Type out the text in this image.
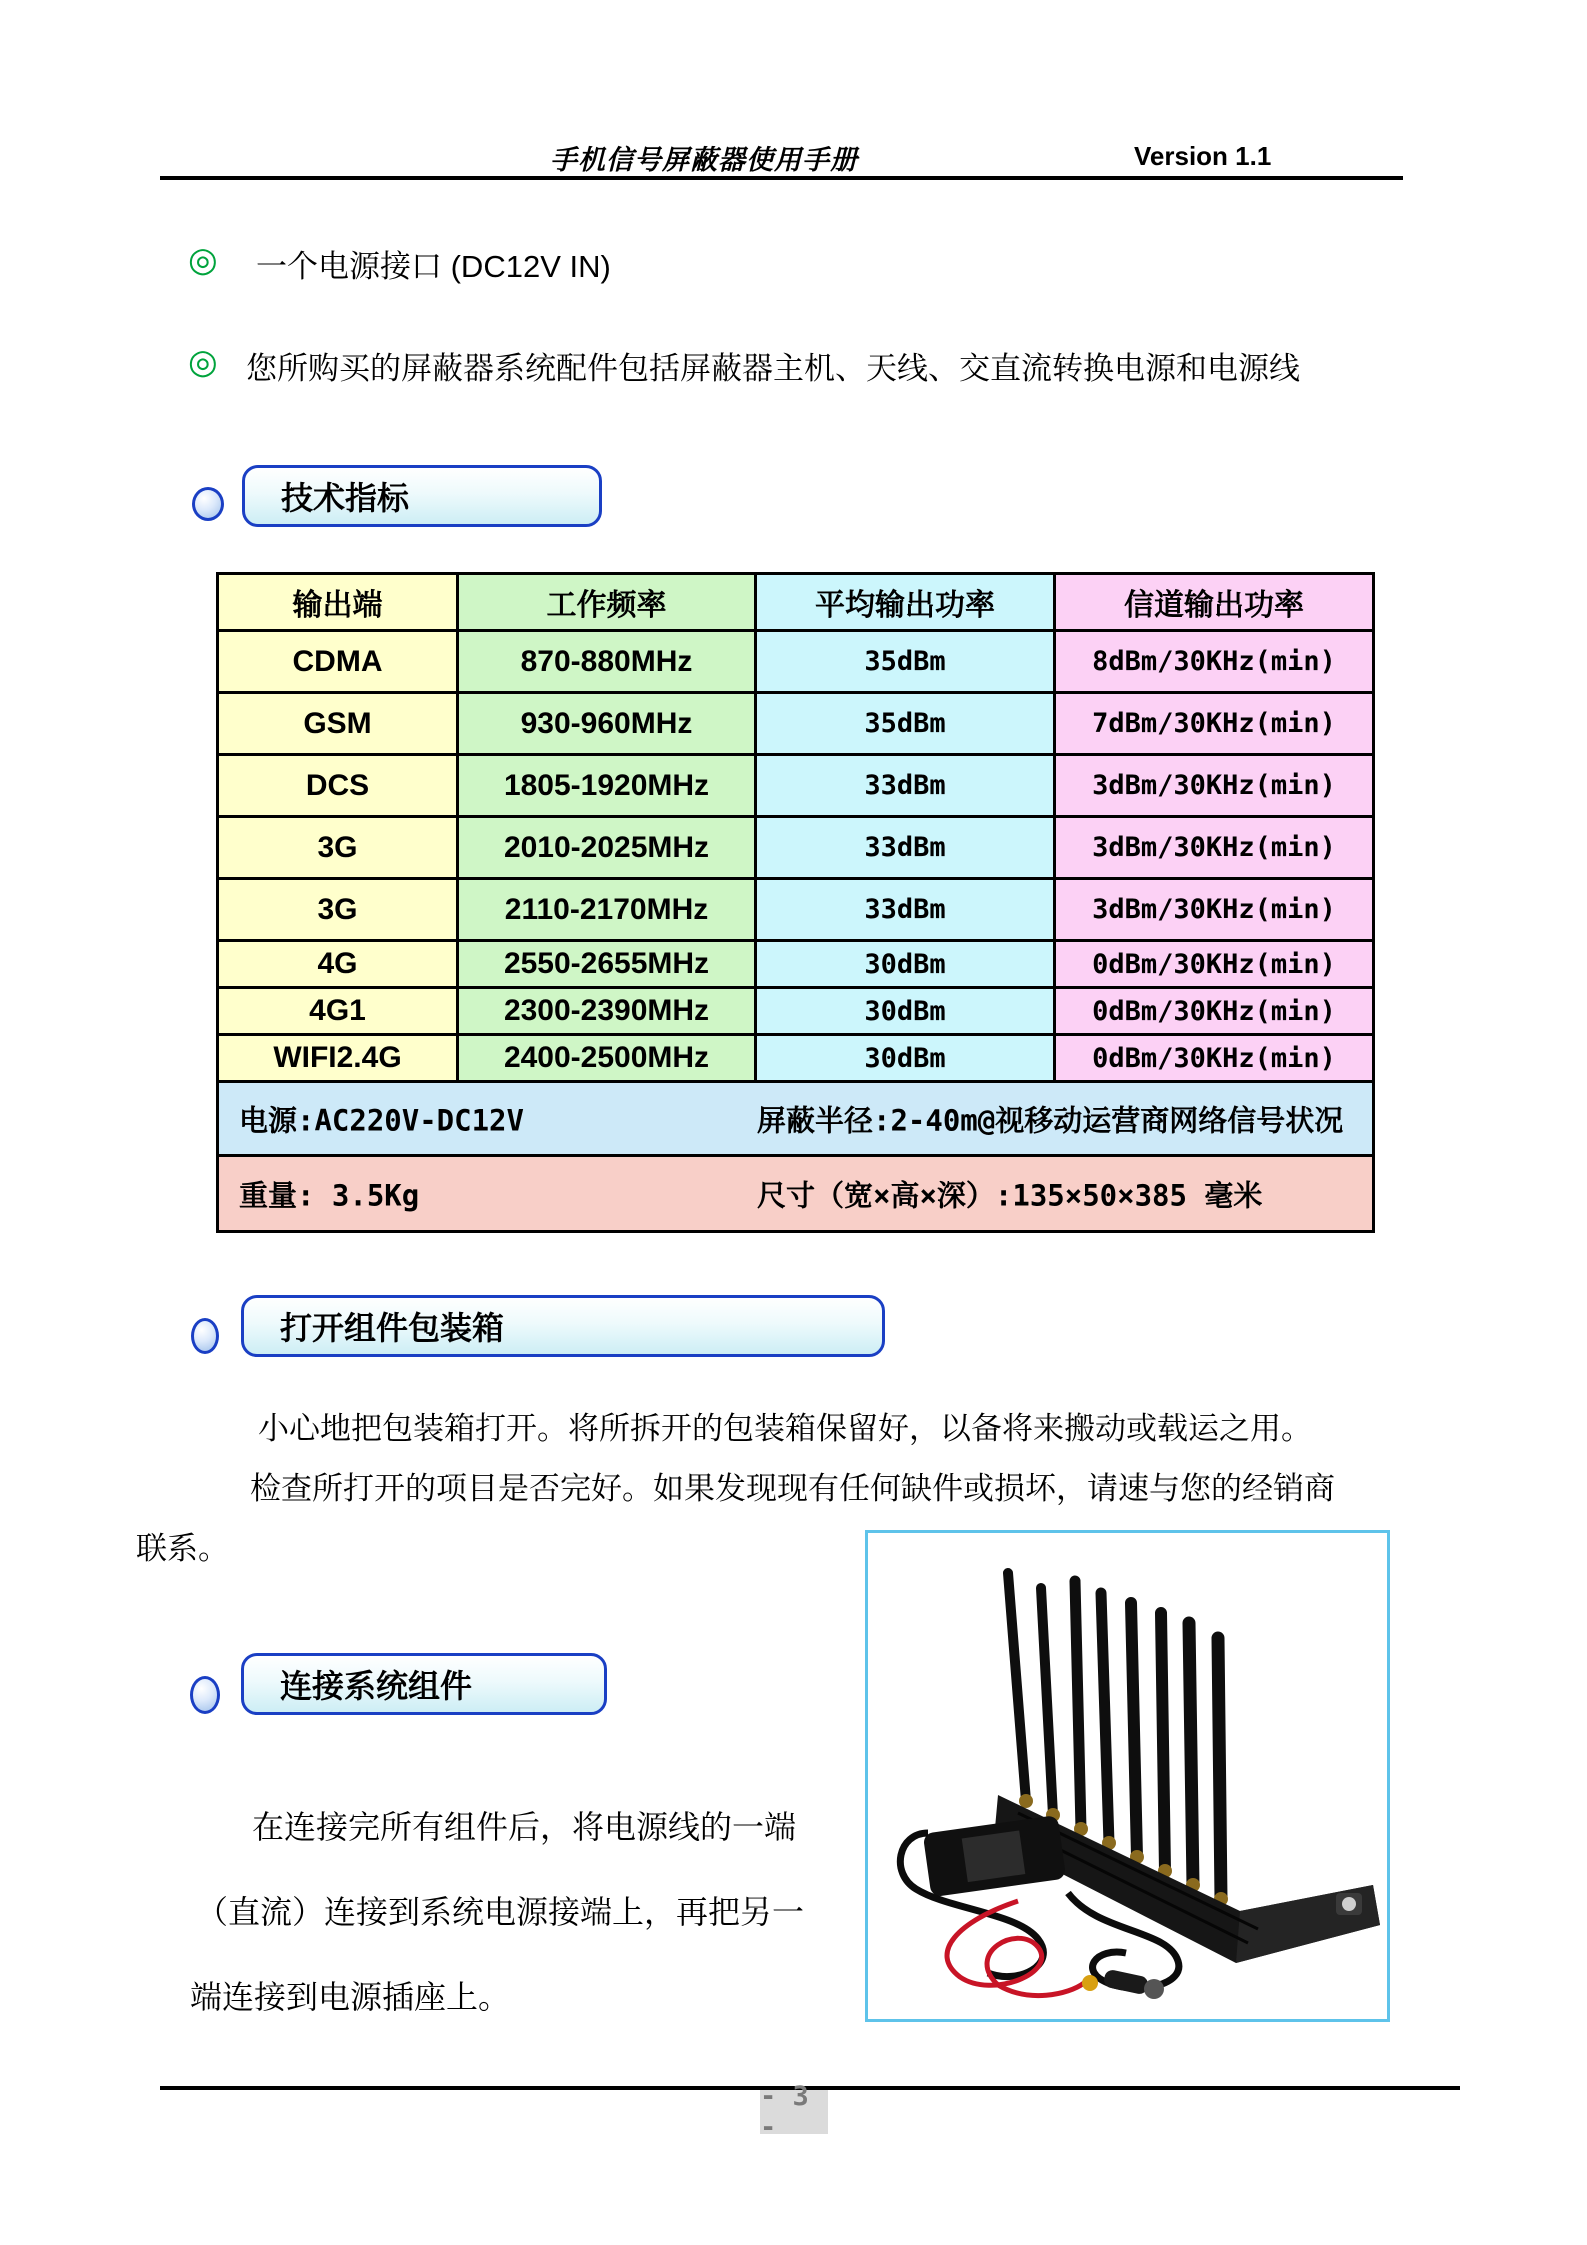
手机信号屏蔽器使用手册	Version 1.1
◎ 一个电源接口 (DC12V IN)
◎ 您所购买的屏蔽器系统配件包括屏蔽器主机、天线、交直流转换电源和电源线
技术指标
输出端	工作频率	平均输出功率	信道输出功率
CDMA	870-880MHz	35dBm	8dBm/30KHz(min)
GSM	930-960MHz	35dBm	7dBm/30KHz(min)
DCS	1805-1920MHz	33dBm	3dBm/30KHz(min)
3G	2010-2025MHz	33dBm	3dBm/30KHz(min)
3G	2110-2170MHz	33dBm	3dBm/30KHz(min)
4G	2550-2655MHz	30dBm	0dBm/30KHz(min)
4G1	2300-2390MHz	30dBm	0dBm/30KHz(min)
WIFI2.4G	2400-2500MHz	30dBm	0dBm/30KHz(min)

电源:AC220V-DC12V 屏蔽半径:2-40m@视移动运营商网络信号状况			

重量: 3.5Kg 尺寸（宽×高×深）:135×50×385 毫米			
打开组件包装箱
小心地把包装箱打开。将所拆开的包装箱保留好，以备将来搬动或载运之用。
检查所打开的项目是否完好。如果发现现有任何缺件或损坏，请速与您的经销商
联系。
连接系统组件
在连接完所有组件后，将电源线的一端
（直流）连接到系统电源接端上，再把另一
端连接到电源插座上。
- 3 -
